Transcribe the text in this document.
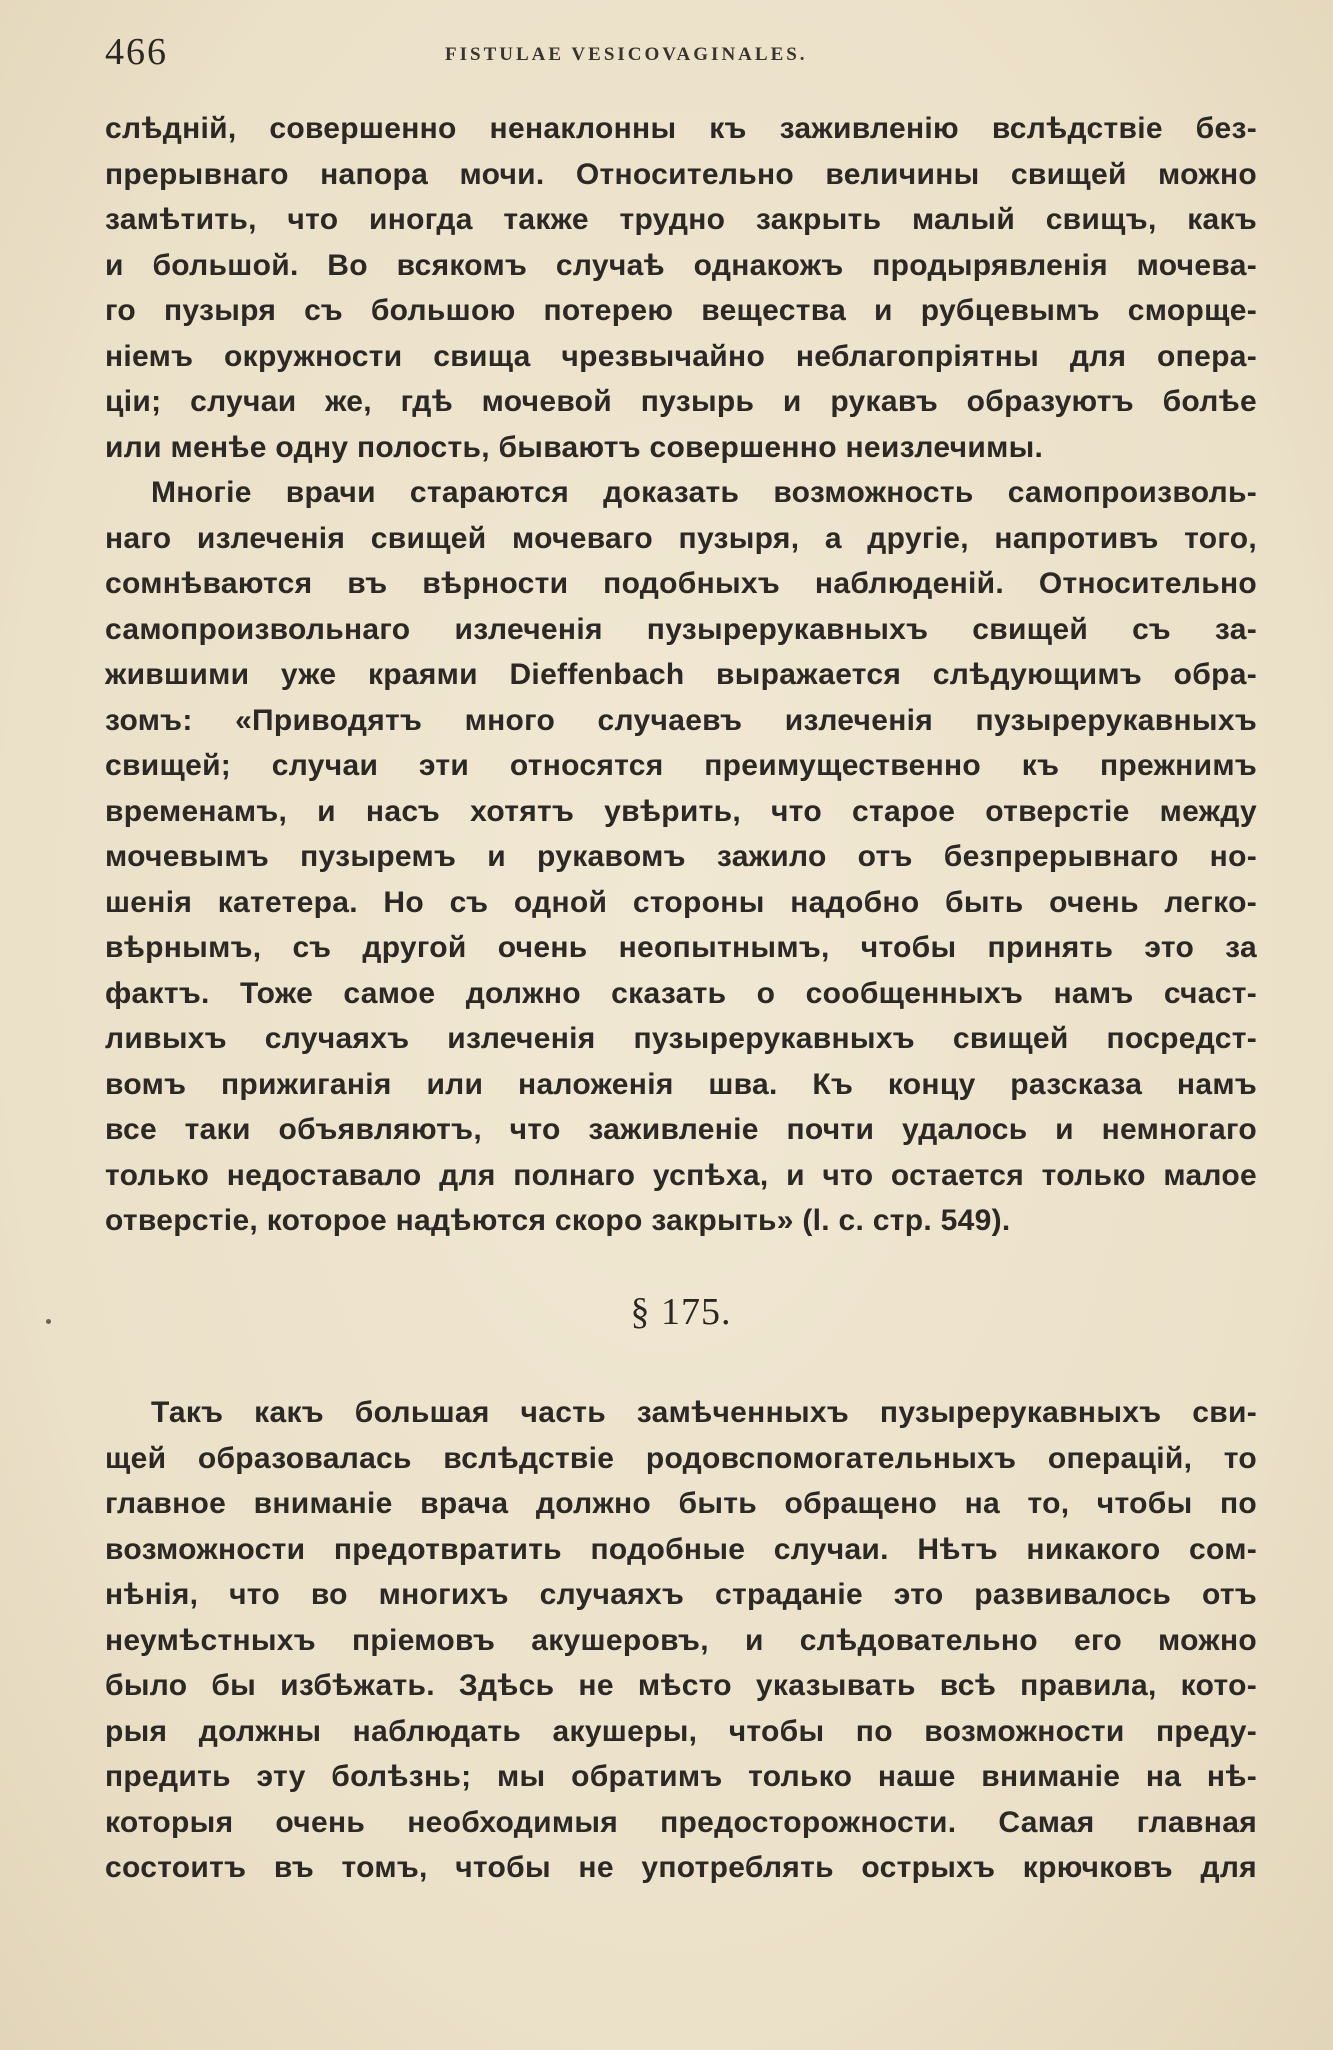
466	FISTULAE VESICOVAGINALES.
слѣдній, совершенно ненаклонны къ заживленію вслѣдствіе без-
прерывнаго напора мочи. Относительно величины свищей можно
замѣтить, что иногда также трудно закрыть малый свищъ, какъ
и большой. Во всякомъ случаѣ однакожъ продырявленія мочева-
го пузыря съ большою потерею вещества и рубцевымъ сморще-
ніемъ окружности свища чрезвычайно неблагопріятны для опера-
ціи; случаи же, гдѣ мочевой пузырь и рукавъ образуютъ болѣе
или менѣе одну полость, бываютъ совершенно неизлечимы.
Многіе врачи стараются доказать возможность самопроизволь-
наго излеченія свищей мочеваго пузыря, а другіе, напротивъ того,
сомнѣваются въ вѣрности подобныхъ наблюденій. Относительно
самопроизвольнаго излеченія пузырерукавныхъ свищей съ за-
жившими уже краями Dieffenbach выражается слѣдующимъ обра-
зомъ: «Приводятъ много случаевъ излеченія пузырерукавныхъ
свищей; случаи эти относятся преимущественно къ прежнимъ
временамъ, и насъ хотятъ увѣрить, что старое отверстіе между
мочевымъ пузыремъ и рукавомъ зажило отъ безпрерывнаго но-
шенія катетера. Но съ одной стороны надобно быть очень легко-
вѣрнымъ, съ другой очень неопытнымъ, чтобы принять это за
фактъ. Тоже самое должно сказать о сообщенныхъ намъ счаст-
ливыхъ случаяхъ излеченія пузырерукавныхъ свищей посредст-
вомъ прижиганія или наложенія шва. Къ концу разсказа намъ
все таки объявляютъ, что заживленіе почти удалось и немногаго
только недоставало для полнаго успѣха, и что остается только малое
отверстіе, которое надѣются скоро закрыть» (l. c. стр. 549).
§ 175.
Такъ какъ большая часть замѣченныхъ пузырерукавныхъ сви-
щей образовалась вслѣдствіе родовспомогательныхъ операцій, то
главное вниманіе врача должно быть обращено на то, чтобы по
возможности предотвратить подобные случаи. Нѣтъ никакого сом-
нѣнія, что во многихъ случаяхъ страданіе это развивалось отъ
неумѣстныхъ пріемовъ акушеровъ, и слѣдовательно его можно
было бы избѣжать. Здѣсь не мѣсто указывать всѣ правила, кото-
рыя должны наблюдать акушеры, чтобы по возможности преду-
предить эту болѣзнь; мы обратимъ только наше вниманіе на нѣ-
которыя очень необходимыя предосторожности. Самая главная
состоитъ въ томъ, чтобы не употреблять острыхъ крючковъ для
